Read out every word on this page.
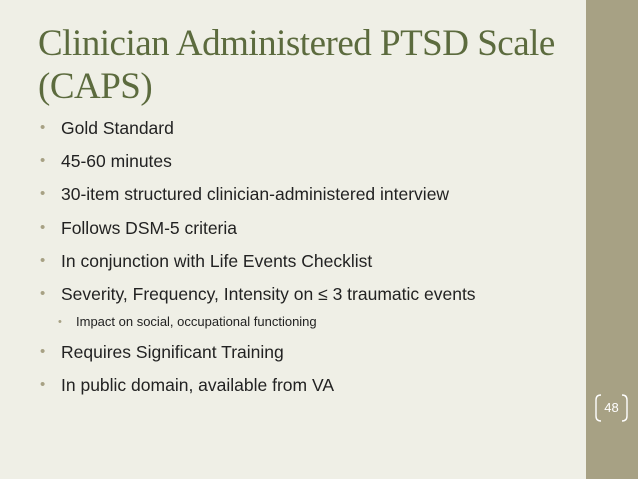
Clinician Administered PTSD Scale (CAPS)
• Gold Standard
• 45-60 minutes
• 30-item structured clinician-administered interview
• Follows DSM-5 criteria
• In conjunction with Life Events Checklist
• Severity, Frequency, Intensity on ≤ 3 traumatic events
• Impact on social, occupational functioning
• Requires Significant Training
• In public domain, available from VA
48
